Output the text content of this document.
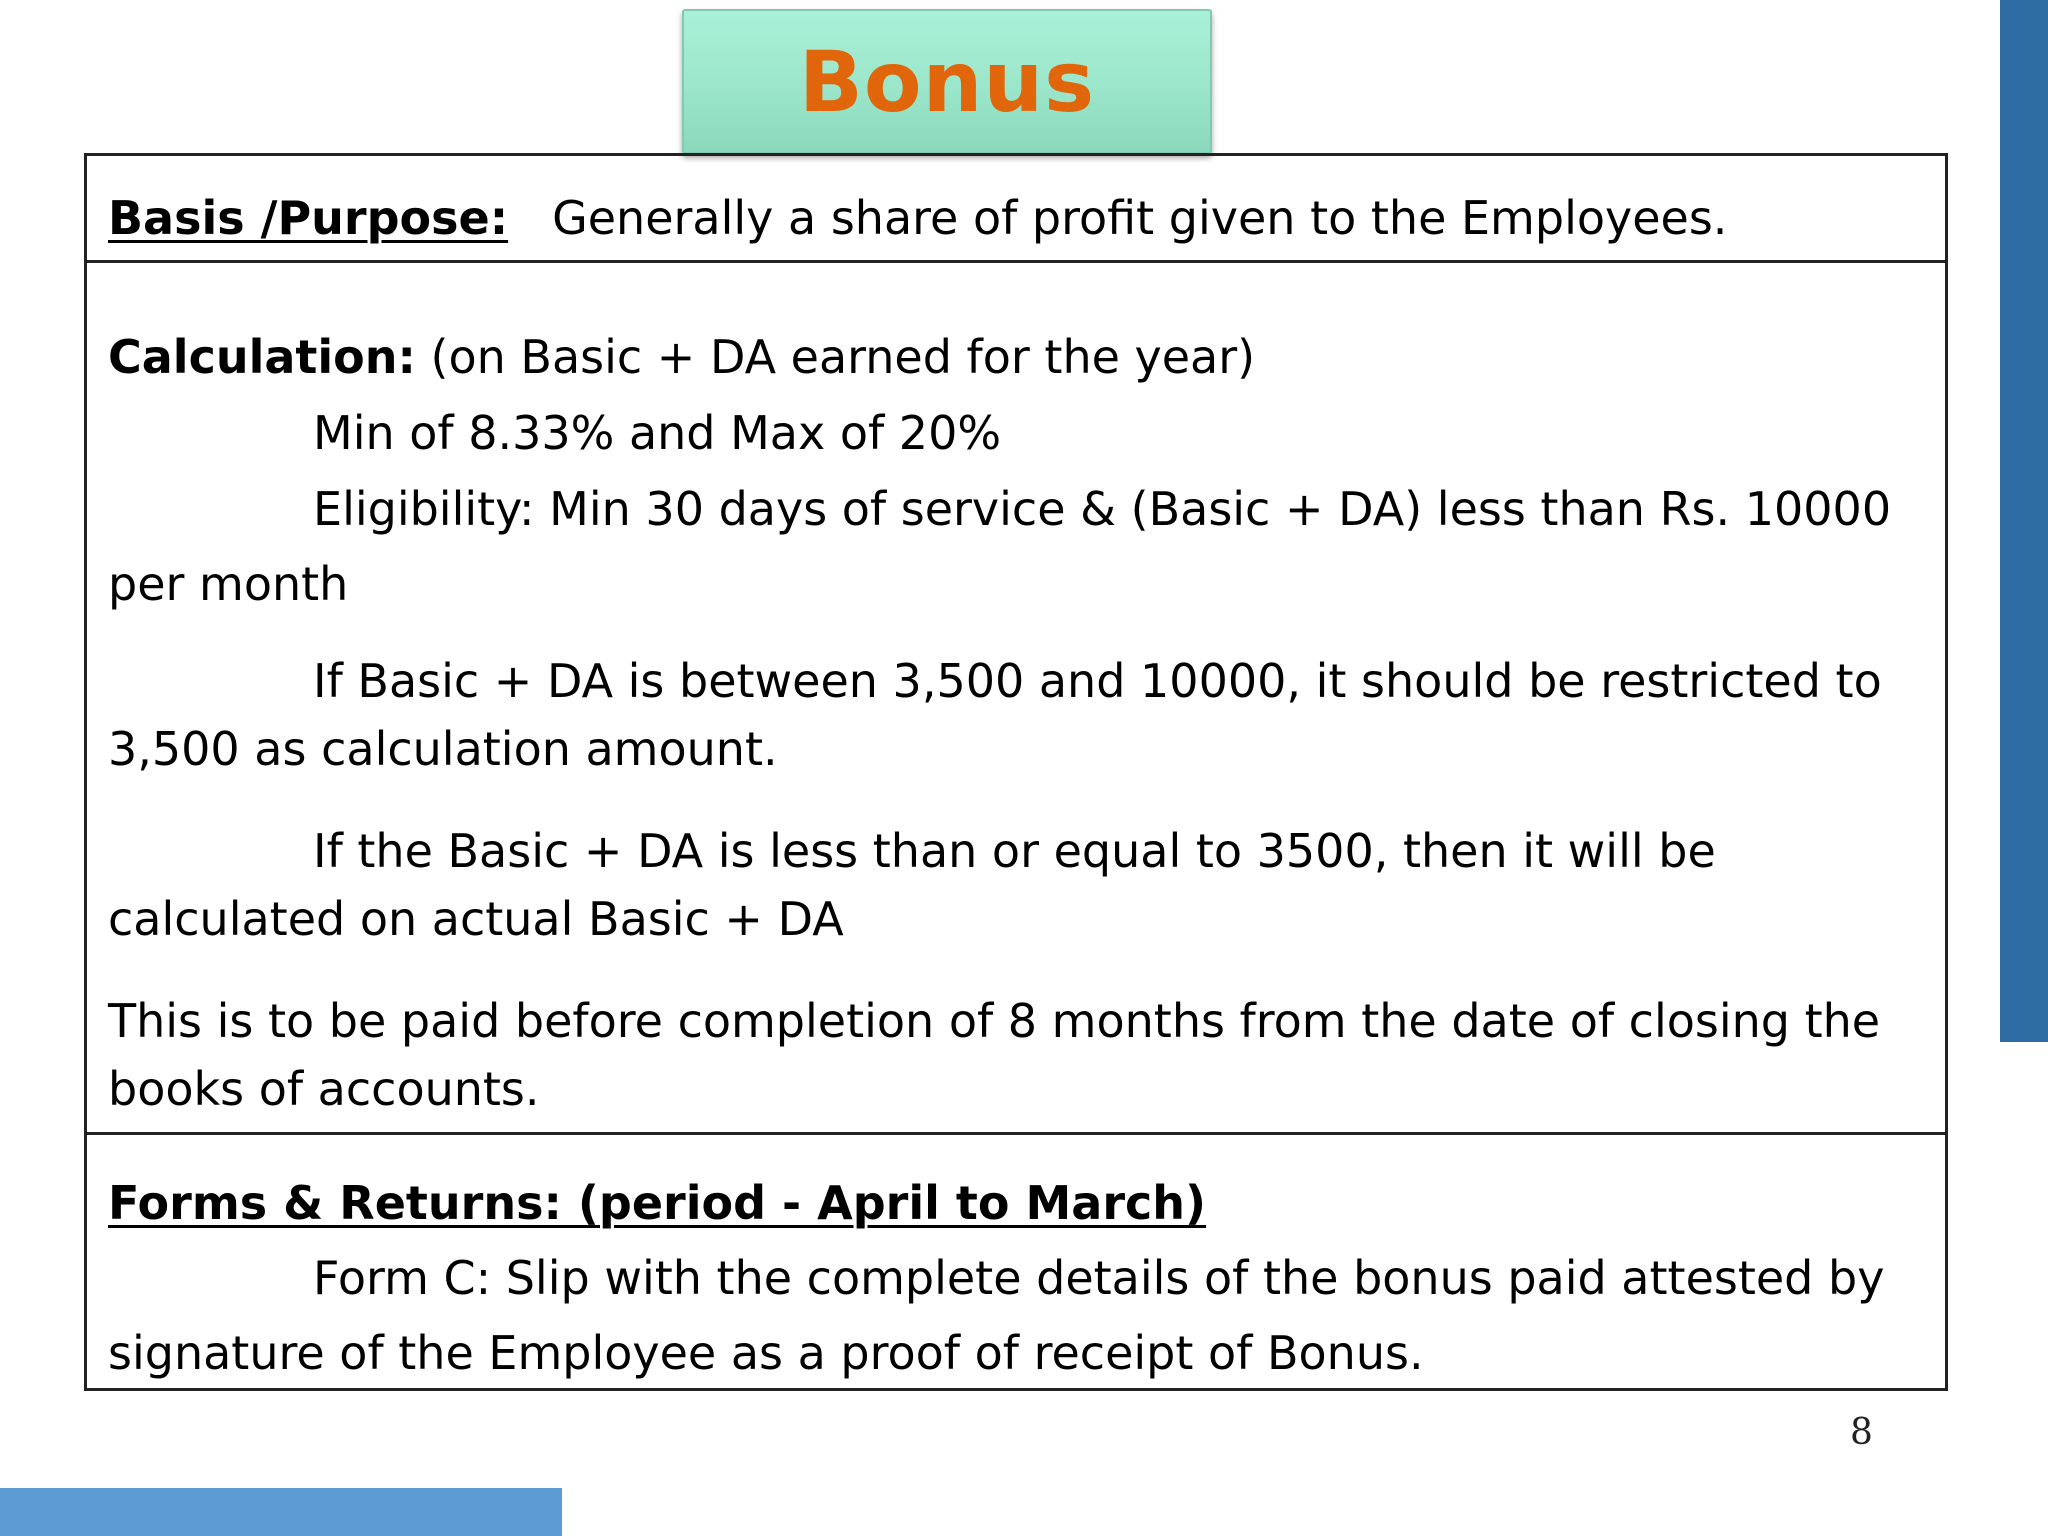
Bonus
Basis /Purpose: Generally a share of profit given to the Employees.
Calculation: (on Basic + DA earned for the year)
Min of 8.33% and Max of 20%
Eligibility: Min 30 days of service & (Basic + DA) less than Rs. 10000
per month
If Basic + DA is between 3,500 and 10000, it should be restricted to
3,500 as calculation amount.
If the Basic + DA is less than or equal to 3500, then it will be
calculated on actual Basic + DA
This is to be paid before completion of 8 months from the date of closing the
books of accounts.
Forms & Returns: (period - April to March)
Form C: Slip with the complete details of the bonus paid attested by
signature of the Employee as a proof of receipt of Bonus.
8
